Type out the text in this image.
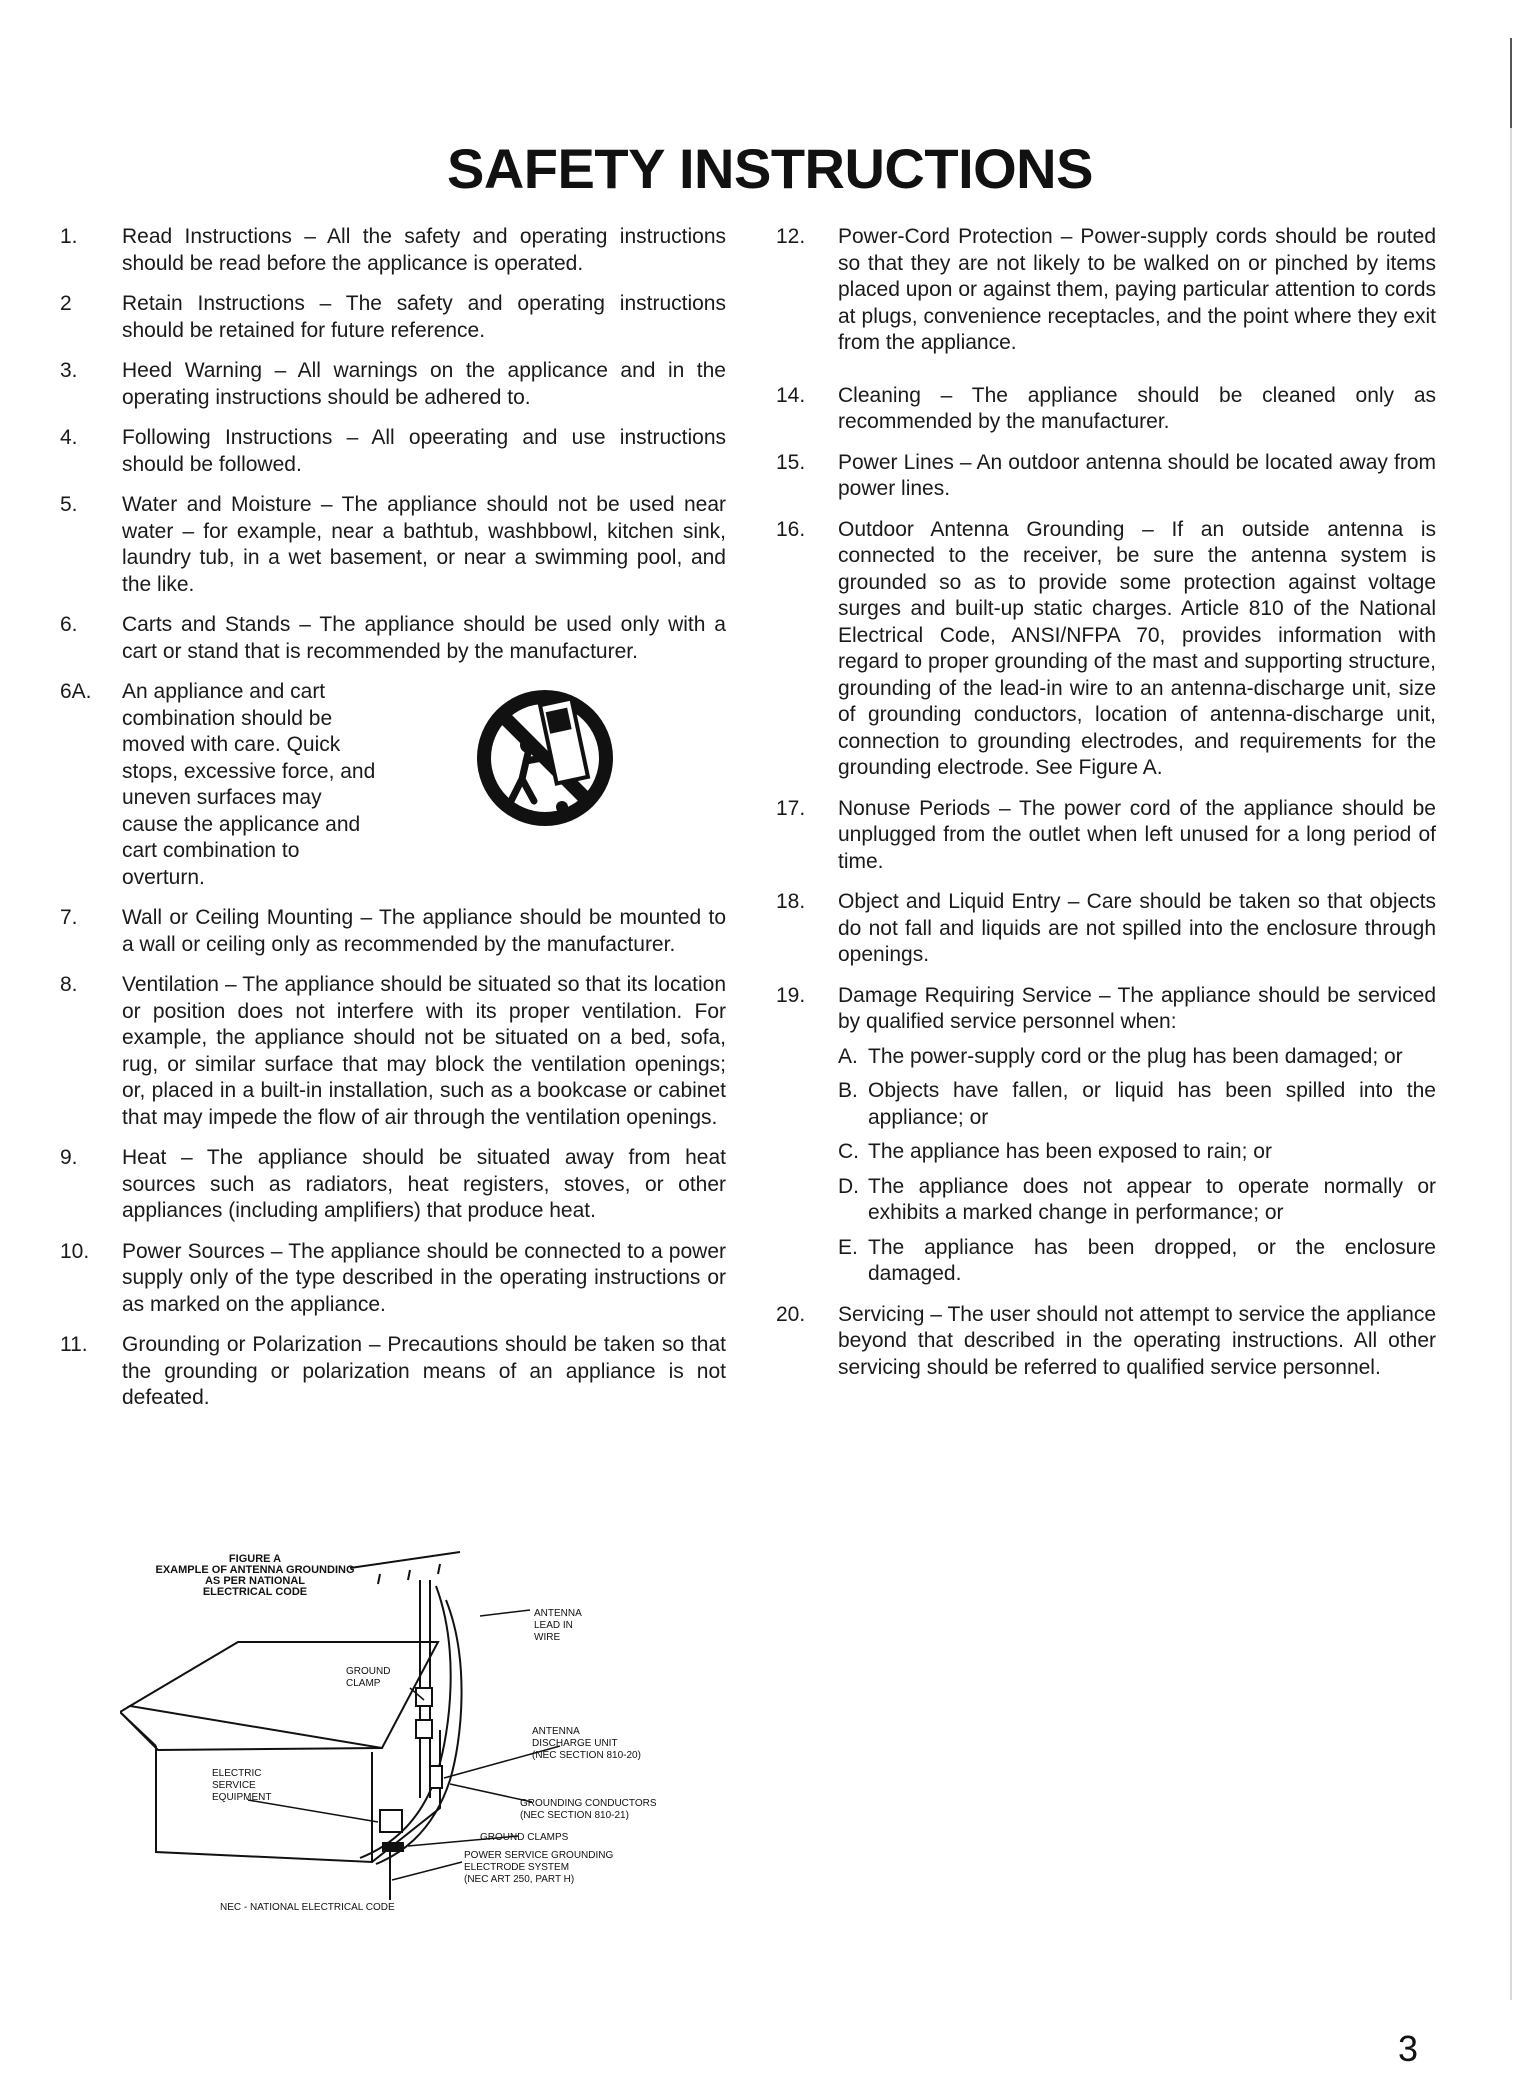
SAFETY INSTRUCTIONS
1.	Read Instructions – All the safety and operating instructions should be read before the applicance is operated.
2	Retain Instructions – The safety and operating instructions should be retained for future reference.
3.	Heed Warning – All warnings on the applicance and in the operating instructions should be adhered to.
4.	Following Instructions – All opeerating and use instructions should be followed.
5.	Water and Moisture – The appliance should not be used near water – for example, near a bathtub, washbbowl, kitchen sink, laundry tub, in a wet basement, or near a swimming pool, and the like.
6.	Carts and Stands – The appliance should be used only with a cart or stand that is recommended by the manufacturer.
6A.	An appliance and cart combination should be moved with care. Quick stops, excessive force, and uneven surfaces may cause the applicance and cart combination to overturn.
7.	Wall or Ceiling Mounting – The appliance should be mounted to a wall or ceiling only as recommended by the manufacturer.
8.	Ventilation – The appliance should be situated so that its location or position does not interfere with its proper ventilation. For example, the appliance should not be situated on a bed, sofa, rug, or similar surface that may block the ventilation openings; or, placed in a built-in installation, such as a bookcase or cabinet that may impede the flow of air through the ventilation openings.
9.	Heat – The appliance should be situated away from heat sources such as radiators, heat registers, stoves, or other appliances (including amplifiers) that produce heat.
10.	Power Sources – The appliance should be connected to a power supply only of the type described in the operating instructions or as marked on the appliance.
11.	Grounding or Polarization – Precautions should be taken so that the grounding or polarization means of an appliance is not defeated.
12.	Power-Cord Protection – Power-supply cords should be routed so that they are not likely to be walked on or pinched by items placed upon or against them, paying particular attention to cords at plugs, convenience receptacles, and the point where they exit from the appliance.
14.	Cleaning – The appliance should be cleaned only as recommended by the manufacturer.
15.	Power Lines – An outdoor antenna should be located away from power lines.
16.	Outdoor Antenna Grounding – If an outside antenna is connected to the receiver, be sure the antenna system is grounded so as to provide some protection against voltage surges and built-up static charges. Article 810 of the National Electrical Code, ANSI/NFPA 70, provides information with regard to proper grounding of the mast and supporting structure, grounding of the lead-in wire to an antenna-discharge unit, size of grounding conductors, location of antenna-discharge unit, connection to grounding electrodes, and requirements for the grounding electrode. See Figure A.
17.	Nonuse Periods – The power cord of the appliance should be unplugged from the outlet when left unused for a long period of time.
18.	Object and Liquid Entry – Care should be taken so that objects do not fall and liquids are not spilled into the enclosure through openings.
19.	Damage Requiring Service – The appliance should be serviced by qualified service personnel when:
A. The power-supply cord or the plug has been damaged; or
B. Objects have fallen, or liquid has been spilled into the appliance; or
C. The appliance has been exposed to rain; or
D. The appliance does not appear to operate normally or exhibits a marked change in performance; or
E. The appliance has been dropped, or the enclosure damaged.
20.	Servicing – The user should not attempt to service the appliance beyond that described in the operating instructions. All other servicing should be referred to qualified service personnel.
FIGURE A
EXAMPLE OF ANTENNA GROUNDING
AS PER NATIONAL
ELECTRICAL CODE
ANTENNA
LEAD IN
WIRE
GROUND
CLAMP
ANTENNA
DISCHARGE UNIT
(NEC SECTION 810-20)
ELECTRIC
SERVICE
EQUIPMENT
GROUNDING CONDUCTORS
(NEC SECTION 810-21)
GROUND CLAMPS
POWER SERVICE GROUNDING
ELECTRODE SYSTEM
(NEC ART 250, PART H)
NEC - NATIONAL ELECTRICAL CODE
3
